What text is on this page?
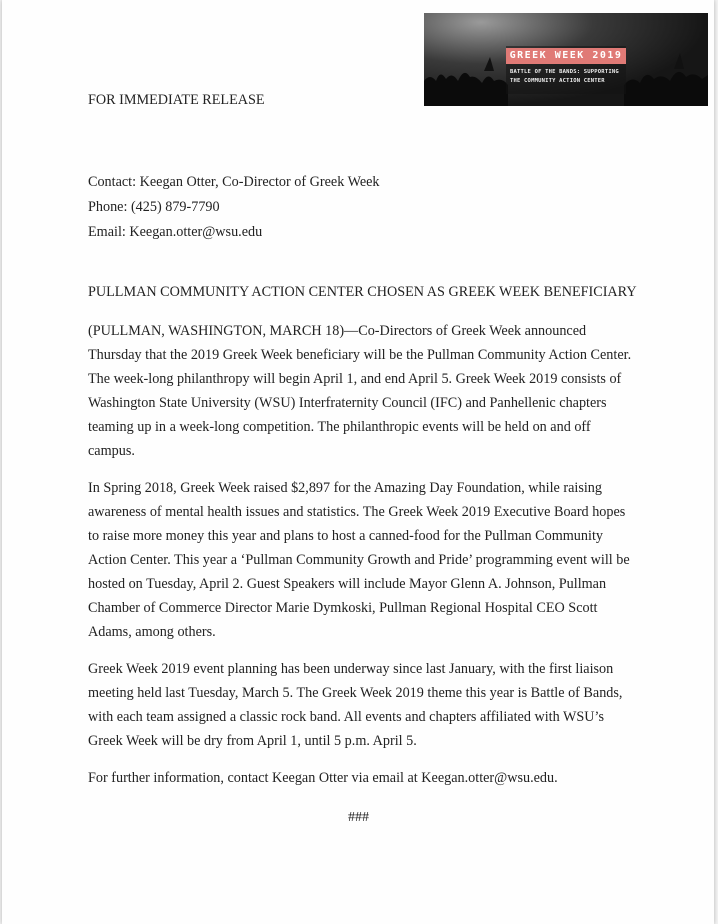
GREEK WEEK 2019
BATTLE OF THE BANDS: SUPPORTING
THE COMMUNITY ACTION CENTER
FOR IMMEDIATE RELEASE
Contact: Keegan Otter, Co-Director of Greek Week
Phone: (425) 879-7790
Email: Keegan.otter@wsu.edu
PULLMAN COMMUNITY ACTION CENTER CHOSEN AS GREEK WEEK BENEFICIARY
(PULLMAN, WASHINGTON, MARCH 18)—Co-Directors of Greek Week announced
Thursday that the 2019 Greek Week beneficiary will be the Pullman Community Action Center.
The week-long philanthropy will begin April 1, and end April 5. Greek Week 2019 consists of
Washington State University (WSU) Interfraternity Council (IFC) and Panhellenic chapters
teaming up in a week-long competition. The philanthropic events will be held on and off
campus.
In Spring 2018, Greek Week raised $2,897 for the Amazing Day Foundation, while raising
awareness of mental health issues and statistics. The Greek Week 2019 Executive Board hopes
to raise more money this year and plans to host a canned-food for the Pullman Community
Action Center. This year a ‘Pullman Community Growth and Pride’ programming event will be
hosted on Tuesday, April 2. Guest Speakers will include Mayor Glenn A. Johnson, Pullman
Chamber of Commerce Director Marie Dymkoski, Pullman Regional Hospital CEO Scott
Adams, among others.
Greek Week 2019 event planning has been underway since last January, with the first liaison
meeting held last Tuesday, March 5. The Greek Week 2019 theme this year is Battle of Bands,
with each team assigned a classic rock band. All events and chapters affiliated with WSU’s
Greek Week will be dry from April 1, until 5 p.m. April 5.
For further information, contact Keegan Otter via email at Keegan.otter@wsu.edu.
###
